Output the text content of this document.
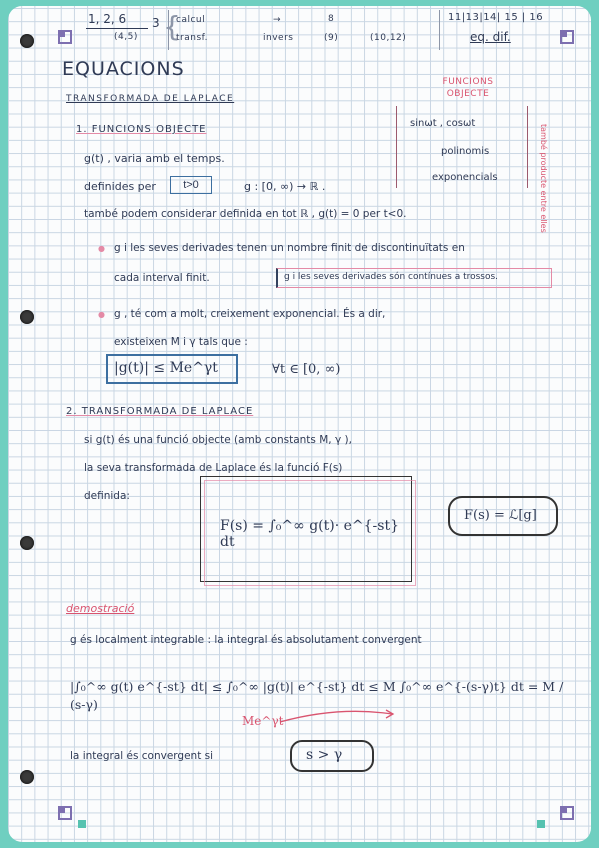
1, 2, 6
(4,5)
3 {
calcul
transf.
→
invers
8
(9)	(10,12)
11|13|14| 15 | 16
eq. dif.
EQUACIONS
TRANSFORMADA DE LAPLACE
FUNCIONS OBJECTE
sinωt , cosωt
polinomis
exponencials	també producte entre elles
1. FUNCIONS OBJECTE
g(t) , varia amb el temps.
definides per	t>0	g : [0, ∞) → ℝ .
també podem considerar definida en tot ℝ , g(t) = 0 per t<0.
● g i les seves derivades tenen un nombre finit de discontinuïtats en
cada interval finit.	g i les seves derivades són contínues a trossos.
● g , té com a molt, creixement exponencial. És a dir,
existeixen M i γ tals que :
|g(t)| ≤ Me^γt	∀t ∈ [0, ∞)
2. TRANSFORMADA DE LAPLACE
si g(t) és una funció objecte (amb constants M, γ ),
la seva transformada de Laplace és la funció F(s)
definida:
F(s) = ∫₀^∞ g(t)· e^{-st} dt
F(s) = ℒ[g]
demostració
g és localment integrable : la integral és absolutament convergent
|∫₀^∞ g(t) e^{-st} dt| ≤ ∫₀^∞ |g(t)| e^{-st} dt ≤ M ∫₀^∞ e^{-(s-γ)t} dt = M / (s-γ)
Me^γt
la integral és convergent si	s > γ
